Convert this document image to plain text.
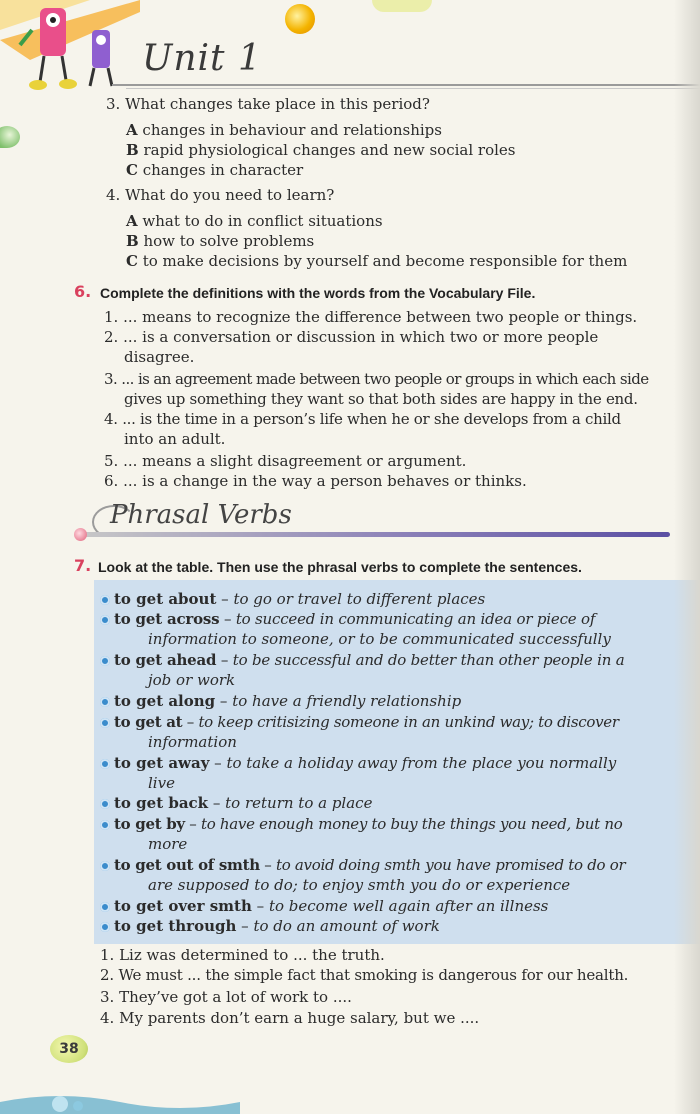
Unit 1
3. What changes take place in this period?
A changes in behaviour and relationships
B rapid physiological changes and new social roles
C changes in character
4. What do you need to learn?
A what to do in conflict situations
B how to solve problems
C to make decisions by yourself and become responsible for them
6. Complete the definitions with the words from the Vocabulary File.
1. ... means to recognize the difference between two people or things.
2. ... is a conversation or discussion in which two or more people
disagree.
3. ... is an agreement made between two people or groups in which each side
gives up something they want so that both sides are happy in the end.
4. ... is the time in a person’s life when he or she develops from a child
into an adult.
5. ... means a slight disagreement or argument.
6. ... is a change in the way a person behaves or thinks.
Phrasal Verbs
7. Look at the table. Then use the phrasal verbs to complete the sentences.
to get about – to go or travel to different places
to get across – to succeed in communicating an idea or piece of
information to someone, or to be communicated successfully
to get ahead – to be successful and do better than other people in a
job or work
to get along – to have a friendly relationship
to get at – to keep critisizing someone in an unkind way; to discover
information
to get away – to take a holiday away from the place you normally
live
to get back – to return to a place
to get by – to have enough money to buy the things you need, but no
more
to get out of smth – to avoid doing smth you have promised to do or
are supposed to do; to enjoy smth you do or experience
to get over smth – to become well again after an illness
to get through – to do an amount of work
1. Liz was determined to ... the truth.
2. We must ... the simple fact that smoking is dangerous for our health.
3. They’ve got a lot of work to ....
4. My parents don’t earn a huge salary, but we ....
38
